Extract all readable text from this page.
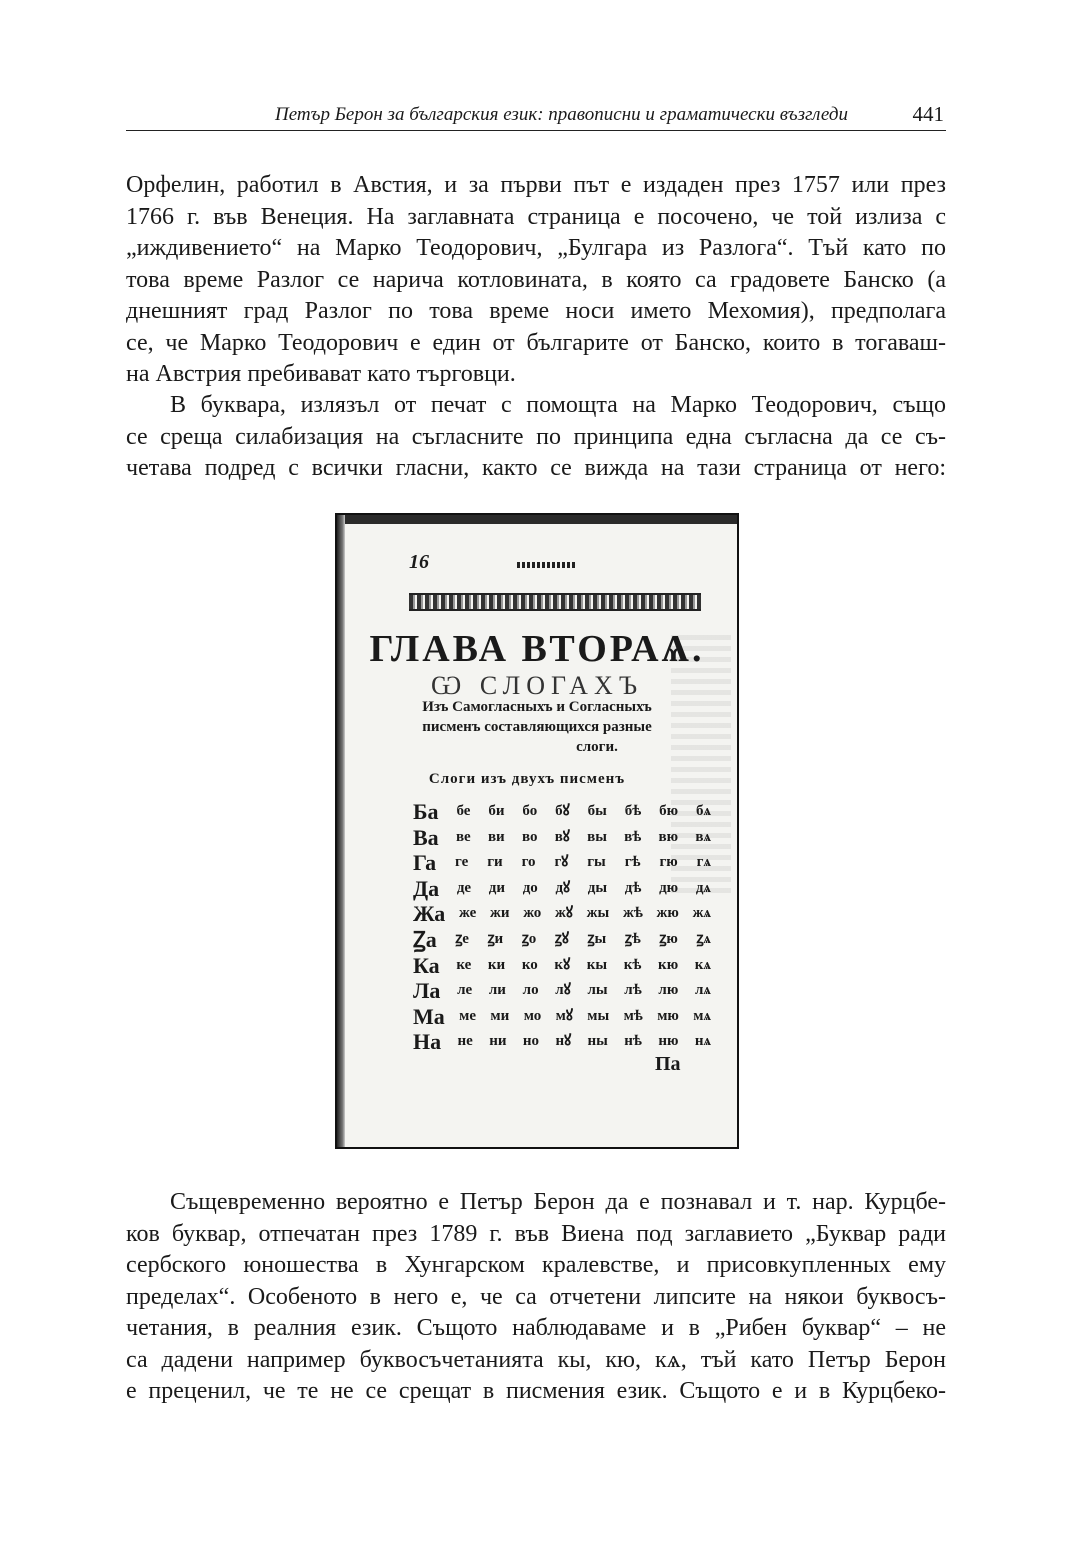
Петър Берон за българския език: правописни и граматически възгледи	441

Орфелин, работил в Австия, и за първи път е издаден през 1757 или през
1766 г. във Венеция. На заглавната страница е посочено, че той излиза с
„иждивението“ на Марко Теодорович, „Булгара из Разлога“. Тъй като по
това време Разлог се нарича котловината, в която са градовете Банско (а
днешният град Разлог по това време носи името Мехомия), предполага
се, че Марко Теодорович е един от българите от Банско, които в тогаваш-
на Австрия пребивават като търговци.

В буквара, излязъл от печат с помощта на Марко Теодорович, също
се среща силабизация на съгласните по принципа една съгласна да се съ-
четава подред с всички гласни, както се вижда на тази страница от него:

16
ГЛАВА ВТОРАѦ.
Ѡ СЛОГАХЪ
Изъ Самогласныхъ и Согласныхъ
писменъ составляющихся разные
слоги.
Слоги изъ двухъ писменъ
Ба бе би бо бꙋ бы бѣ бю бѧ
Ва ве ви во вꙋ вы вѣ вю вѧ
Га ге ги го гꙋ гы гѣ гю гѧ
Да де ди до дꙋ ды дѣ дю дѧ
Жа же жи жо жꙋ жы жѣ жю жѧ
Ꙁа ꙁе ꙁи ꙁо ꙁꙋ ꙁы ꙁѣ ꙁю ꙁѧ
Ка ке ки ко кꙋ кы кѣ кю кѧ
Ла ле ли ло лꙋ лы лѣ лю лѧ
Ма ме ми мо мꙋ мы мѣ мю мѧ
На не ни но нꙋ ны нѣ ню нѧ
Па

Същевременно вероятно е Петър Берон да е познавал и т. нар. Курцбе-
ков буквар, отпечатан през 1789 г. във Виена под заглавието „Буквар ради
сербского юношества в Хунгарском кралевстве, и присовкупленных ему
пределах“. Особеното в него е, че са отчетени липсите на някои буквосъ-
четания, в реалния език. Същото наблюдаваме и в „Рибен буквар“ – не
са дадени например буквосъчетанията кы, кю, кѧ, тъй като Петър Берон
е преценил, че те не се срещат в писмения език. Същото е и в Курцбеко-
